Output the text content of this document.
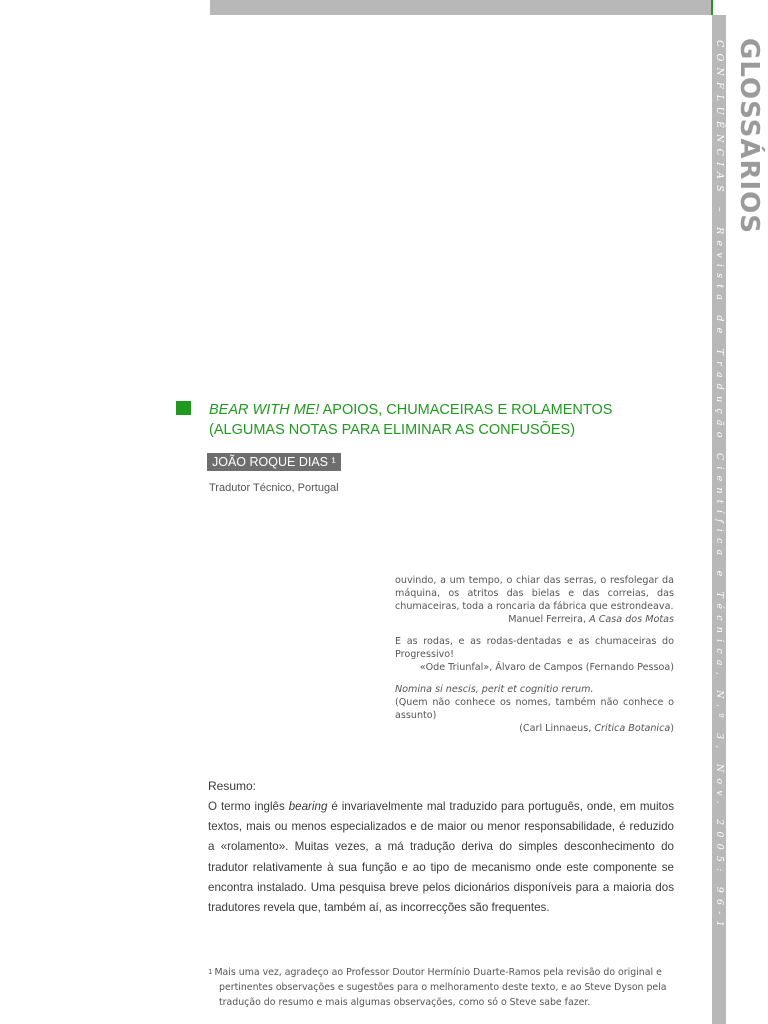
CONFLUÊNCIAS – Revista de Tradução Científica e Técnica, N.º 3, Nov. 2005: 96-1 GLOSSÁRIOS
BEAR WITH ME! APOIOS, CHUMACEIRAS E ROLAMENTOS (ALGUMAS NOTAS PARA ELIMINAR AS CONFUSÕES)
JOÃO ROQUE DIAS ¹
Tradutor Técnico, Portugal

ouvindo, a um tempo, o chiar das serras, o resfolegar da máquina, os atritos das bielas e das correias, das chumaceiras, toda a roncaria da fábrica que estrondeava.

Manuel Ferreira, A Casa dos Motas

E as rodas, e as rodas-dentadas e as chumaceiras do Progressivo!

«Ode Triunfal», Álvaro de Campos (Fernando Pessoa)

Nomina si nescis, perit et cognitio rerum.

(Quem não conhece os nomes, também não conhece o assunto)

(Carl Linnaeus, Critica Botanica)

Resumo:
O termo inglês bearing é invariavelmente mal traduzido para português, onde, em muitos textos, mais ou menos especializados e de maior ou menor responsabilidade, é reduzido a «rolamento». Muitas vezes, a má tradução deriva do simples desconhecimento do tradutor relativamente à sua função e ao tipo de mecanismo onde este componente se encontra instalado. Uma pesquisa breve pelos dicionários disponíveis para a maioria dos tradutores revela que, também aí, as incorrecções são frequentes.

$^1$ Mais uma vez, agradeço ao Professor Doutor Hermínio Duarte-Ramos pela revisão do original e

pertinentes observações e sugestões para o melhoramento deste texto, e ao Steve Dyson pela

tradução do resumo e mais algumas observações, como só o Steve sabe fazer.
